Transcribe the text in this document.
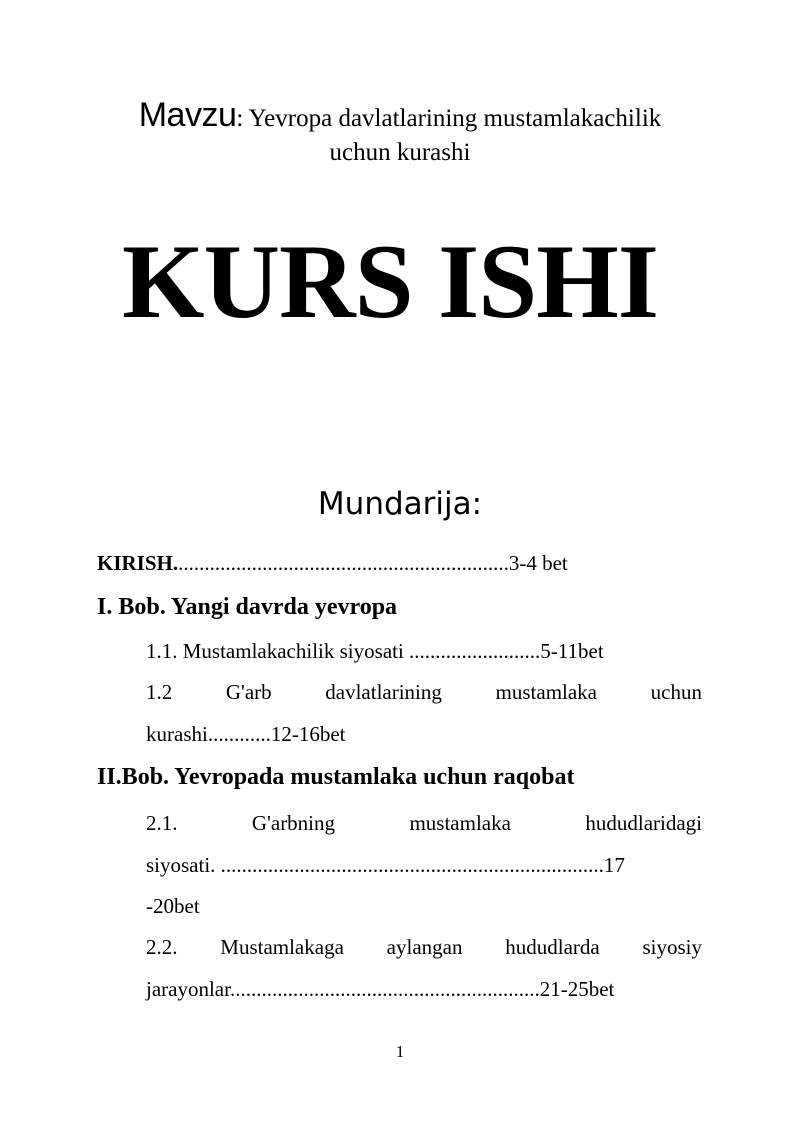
Mavzu: Yevropa davlatlarining mustamlakachilik
uchun kurashi
KURS ISHI
Mundarija:
KIRISH................................................................3-4 bet
I. Bob. Yangi davrda yevropa
1.1. Mustamlakachilik siyosati .........................5-11bet
1.2	G'arb	davlatlarining	mustamlaka	uchun
kurashi............12-16bet
II.Bob. Yevropada mustamlaka uchun raqobat
2.1.	G'arbning	mustamlaka	hududlaridagi
siyosati. .........................................................................17
-20bet
2.2. Mustamlakaga aylangan hududlarda siyosiy
jarayonlar...........................................................21-25bet
1
